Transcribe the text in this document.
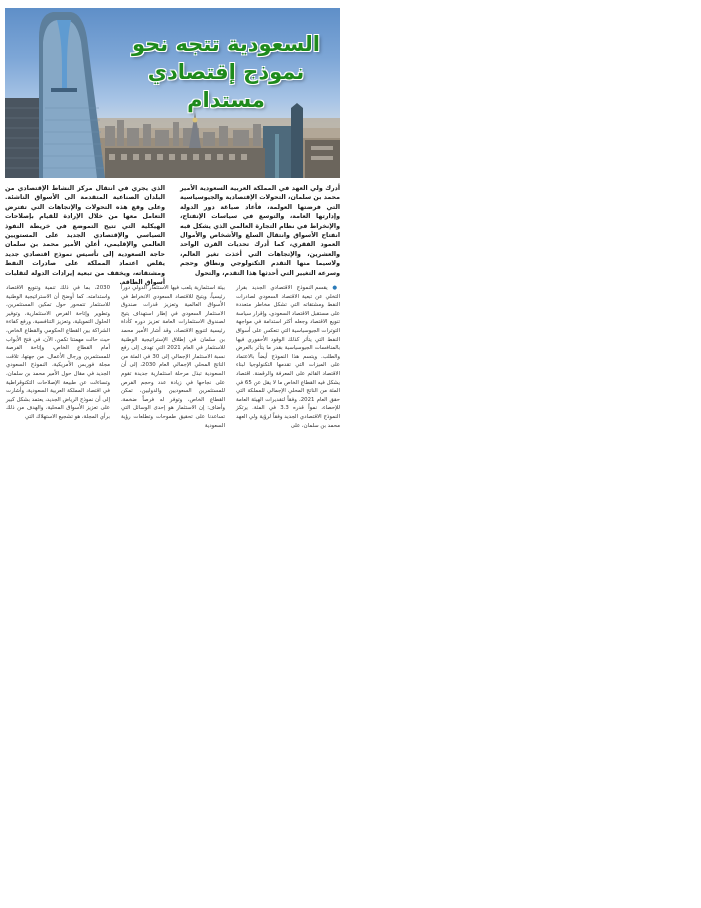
السعودية تتجه نحو
نموذج إقتصادي مستدام
أدرك ولي العهد في المملكة العربية السعودية الأمير محمد بن سلمان، التحولات الإقتصادية والجيوسياسية التي فرضتها العولمة، فأعاد صياغة دور الدولة وإدارتها العامة، والتوسع في سياسات الإنفتاح، والإنخراط في نظام التجارة العالمي الذي يشكل قبه انفتاح الأسواق وانتقال السلع والأشخاص والأموال العمود الفقري، كما أدرك تحديات القرن الواحد والعشرين، والإتجاهات التي أخذت تغير العالم، ولاسيما منها التقدم التكنولوجي ونطاق وحجم وسرعة التغيير التي أحدثها هذا التقدم، والتحول
الذي يجري في انتقال مركز النشاط الإقتصادي من البلدان الصناعية المتقدمة الى الأسواق الناشئة. وعلى وقع هذه التحولات والإتجاهات التي تفترض التعامل معها من خلال الإرادة للقيام بإصلاحات الهيكلية التي تتيح التموضع في خريطة النفوذ السياسي والإقتصادي الجديد على المستويين العالمي والإقليمي، أعلن الأمير محمد بن سلمان حاجة السعودية إلى تأسيس نموذج اقتصادي جديد يقلص اعتماد المملكة على صادرات النفط ومشتقاته، ويخفف من تبعية إيرادات الدولة لتقلبات أسواق الطاقة.
● يقسم النموذج الاقتصادي الجديد بقرار التخلي عن تبعية الاقتصاد السعودي لصادرات النفط ومشتقاته التي تشكل مخاطر متعددة على مستقبل الاقتصاد السعودي، وإقرار سياسة تنويع الاقتصاد وجعله أكثر استدامة في مواجهة التوترات الجيوسياسية التي تنعكس على أسواق النفط التي يتأثر كذلك الوقود الأحفوري فيها بالمنافسات الجيوسياسية بقدر ما يتأثر بالعرض والطلب. ويتسم هذا النموذج أيضاً بالاعتماد على الميزات التي تقدمها التكنولوجيا لبناء الاقتصاد القائم على المعرفة والرقمنة. اقتصاد يشكل فيه القطاع الخاص ما لا يقل عن 65 في المئة من الناتج المحلي الإجمالي للمملكة التي حقق العام 2021، وفقاً لتقديرات الهيئة العامة للإحصاء، نمواً قدره 3.3 في المئة. يرتكز النموذج الاقتصادي الجديد وفقاً لرؤية ولي العهد محمد بن سلمان، على
بيئة استثمارية يلعب فيها الاستثمار الدولي دوراً رئيسياً، ويتيح للاقتصاد السعودي الانخراط في الأسواق العالمية وتعزيز قدرات صندوق الاستثمار السعودي في إطار استهداف يتيح لصندوق الاستثمارات العامة تعزيز دوره كأداة رئيسية لتنويع الاقتصاد، وقد أشار الأمير محمد بن سلمان في إطلاق الإستراتيجية الوطنية للاستثمار في العام 2021 التي تهدف إلى رفع نسبة الاستثمار الإجمالي إلى 30 في المئة من الناتج المحلي الإجمالي العام 2030، إلى أن السعودية تبذل مرحلة استثمارية جديدة تقوم على نجاحها في زيادة عدد وحجم الفرص للمستثمرين السعوديين والدوليين، تمكن القطاع الخاص، وتوفر له فرصاً ضخمة، وأضاف: إن الاستثمار هو إحدى الوسائل التي تساعدنا على تحقيق طموحات وتطلعات رؤية السعودية
2030، بما في ذلك تنمية وتنويع الاقتصاد واستدامته. كما أوضح أن الاستراتيجية الوطنية للاستثمار تتمحور حول تمكين المستثمرين، وتطوير وإتاحة الفرص الاستثمارية، وتوفير الحلول التمويلية، وتعزيز التنافسية، ورفع كفاءة الشراكة بين القطاع الحكومي والقطاع الخاص، حيث حالت مهمتنا تكمن، الآن، في فتح الأبواب أمام القطاع الخاص، وإتاحة الفرصة للمستثمرين ورجال الأعمال. من جهتها، تلاقت مجلة فوربس الأمريكية، النموذج السعودي الجديد في مقال حول الأمير محمد بن سلمان، وتساءلت عن طبيعة الإصلاحات التكنوقراطية في اقتصاد المملكة العربية السعودية، وأشارت إلى أن نموذج الرياض الجديد، يعتمد بشكل كبير على تعزيز الأسواق المحلية، والهدف من ذلك برأي المجلة، هو تشجيع الاستهلاك التي
